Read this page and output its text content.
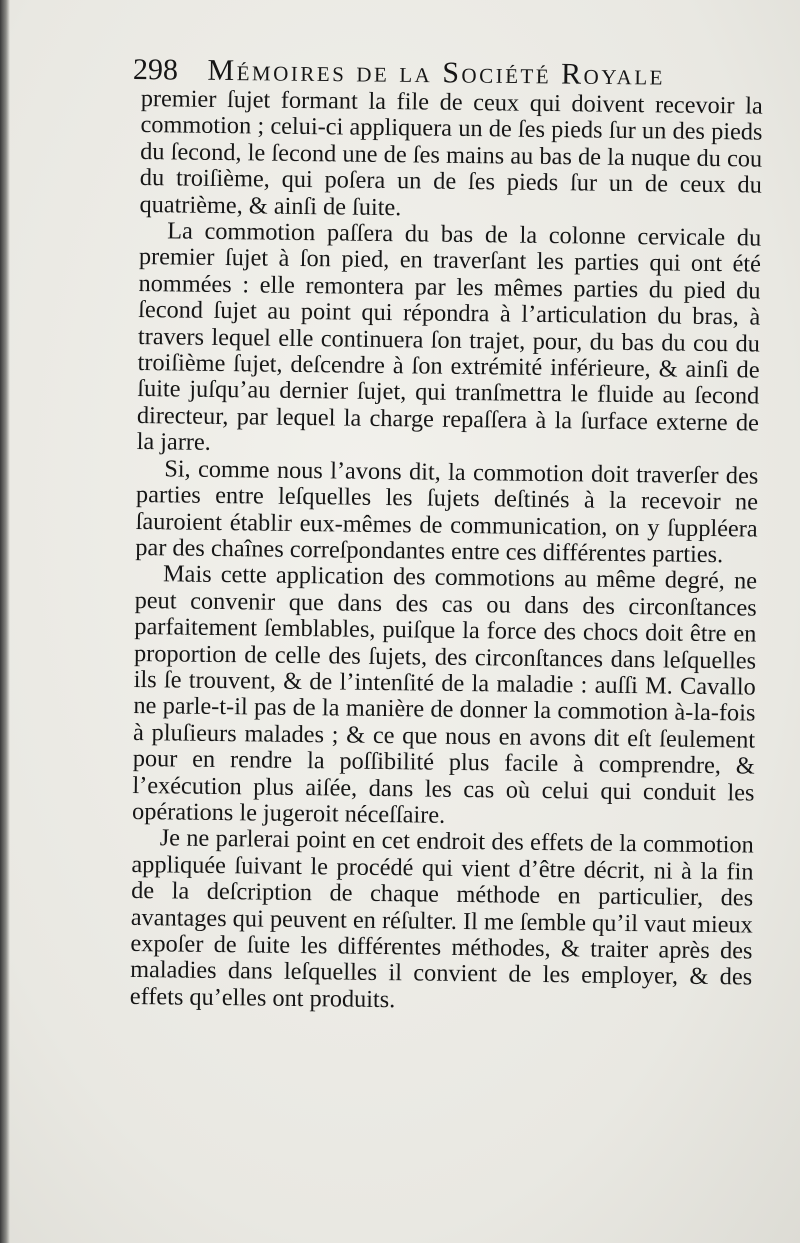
298 Mémoires de la Société Royale

premier ſujet formant la file de ceux qui doivent recevoir la commotion ; celui-ci appliquera un de ſes pieds ſur un des pieds du ſecond, le ſecond une de ſes mains au bas de la nuque du cou du troiſième, qui poſera un de ſes pieds ſur un de ceux du quatrième, & ainſi de ſuite.

La commotion paſſera du bas de la colonne cervicale du premier ſujet à ſon pied, en traverſant les parties qui ont été nommées : elle remontera par les mêmes parties du pied du ſecond ſujet au point qui répondra à l’articulation du bras, à travers lequel elle continuera ſon trajet, pour, du bas du cou du troiſième ſujet, deſcendre à ſon extrémité inférieure, & ainſi de ſuite juſqu’au dernier ſujet, qui tranſmettra le fluide au ſecond directeur, par lequel la charge repaſſera à la ſurface externe de la jarre.

Si, comme nous l’avons dit, la commotion doit traverſer des parties entre leſquelles les ſujets deſtinés à la recevoir ne ſauroient établir eux-mêmes de communication, on y ſuppléera par des chaînes correſpondantes entre ces différentes parties.

Mais cette application des commotions au même degré, ne peut convenir que dans des cas ou dans des circonſtances parfaitement ſemblables, puiſque la force des chocs doit être en proportion de celle des ſujets, des circonſtances dans leſquelles ils ſe trouvent, & de l’intenſité de la maladie : auſſi M. Cavallo ne parle-t-il pas de la manière de donner la commotion à-la-fois à pluſieurs malades ; & ce que nous en avons dit eſt ſeulement pour en rendre la poſſibilité plus facile à comprendre, & l’exécution plus aiſée, dans les cas où celui qui conduit les opérations le jugeroit néceſſaire.

Je ne parlerai point en cet endroit des effets de la commotion appliquée ſuivant le procédé qui vient d’être décrit, ni à la fin de la deſcription de chaque méthode en particulier, des avantages qui peuvent en réſulter. Il me ſemble qu’il vaut mieux expoſer de ſuite les différentes méthodes, & traiter après des maladies dans leſquelles il convient de les employer, & des effets qu’elles ont produits.
